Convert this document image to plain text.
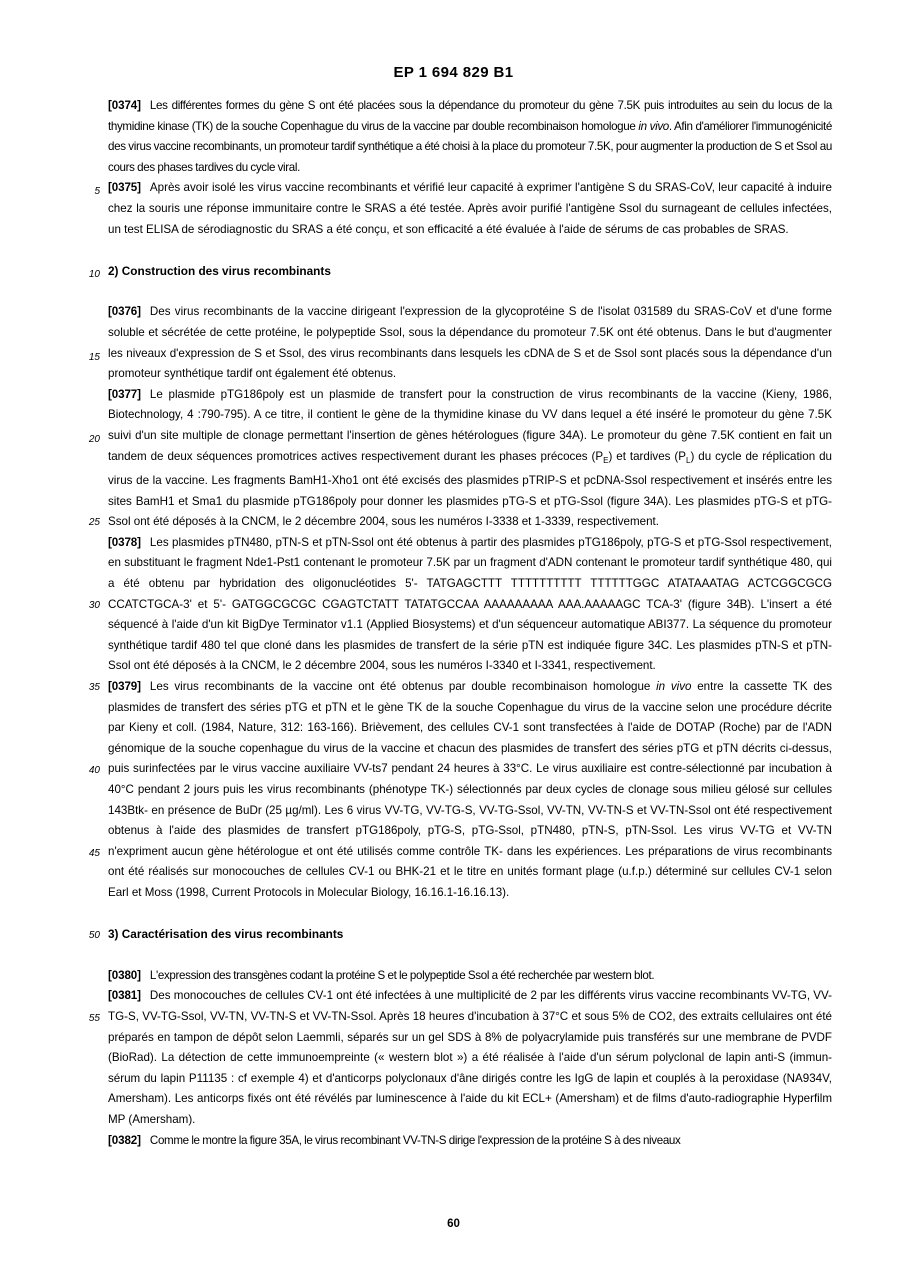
EP 1 694 829 B1
5
10
15
20
25
30
35
40
45
50
55

[0374] Les différentes formes du gène S ont été placées sous la dépendance du promoteur du gène 7.5K puis introduites au sein du locus de la thymidine kinase (TK) de la souche Copenhague du virus de la vaccine par double recombinaison homologue in vivo. Afin d'améliorer l'immunogénicité des virus vaccine recombinants, un promoteur tardif synthétique a été choisi à la place du promoteur 7.5K, pour augmenter la production de S et Ssol au cours des phases tardives du cycle viral.

[0375] Après avoir isolé les virus vaccine recombinants et vérifié leur capacité à exprimer l'antigène S du SRAS-CoV, leur capacité à induire chez la souris une réponse immunitaire contre le SRAS a été testée. Après avoir purifié l'antigène Ssol du surnageant de cellules infectées, un test ELISA de sérodiagnostic du SRAS a été conçu, et son efficacité a été évaluée à l'aide de sérums de cas probables de SRAS.

2) Construction des virus recombinants

[0376] Des virus recombinants de la vaccine dirigeant l'expression de la glycoprotéine S de l'isolat 031589 du SRAS-CoV et d'une forme soluble et sécrétée de cette protéine, le polypeptide Ssol, sous la dépendance du promoteur 7.5K ont été obtenus. Dans le but d'augmenter les niveaux d'expression de S et Ssol, des virus recombinants dans lesquels les cDNA de S et de Ssol sont placés sous la dépendance d'un promoteur synthétique tardif ont également été obtenus.

[0377] Le plasmide pTG186poly est un plasmide de transfert pour la construction de virus recombinants de la vaccine (Kieny, 1986, Biotechnology, 4 :790-795). A ce titre, il contient le gène de la thymidine kinase du VV dans lequel a été inséré le promoteur du gène 7.5K suivi d'un site multiple de clonage permettant l'insertion de gènes hétérologues (figure 34A). Le promoteur du gène 7.5K contient en fait un tandem de deux séquences promotrices actives respectivement durant les phases précoces $(P_E)$ et tardives $(P_L)$ du cycle de réplication du virus de la vaccine. Les fragments BamH1-Xho1 ont été excisés des plasmides pTRIP-S et pcDNA-Ssol respectivement et insérés entre les sites BamH1 et Sma1 du plasmide pTG186poly pour donner les plasmides pTG-S et pTG-Ssol (figure 34A). Les plasmides pTG-S et pTG-Ssol ont été déposés à la CNCM, le 2 décembre 2004, sous les numéros I-3338 et 1-3339, respectivement.

[0378] Les plasmides pTN480, pTN-S et pTN-Ssol ont été obtenus à partir des plasmides pTG186poly, pTG-S et pTG-Ssol respectivement, en substituant le fragment Nde1-Pst1 contenant le promoteur 7.5K par un fragment d'ADN contenant le promoteur tardif synthétique 480, qui a été obtenu par hybridation des oligonucléotides 5'- TATGAGCTTT TTTTTTTTTT TTTTTTGGC ATATAAATAG ACTCGGCGCG CCATCTGCA-3' et 5'- GATGGCGCGC CGAGTCTATT TATATGCCAA AAAAAAAAA AAA.AAAAAGC TCA-3' (figure 34B). L'insert a été séquencé à l'aide d'un kit BigDye Terminator v1.1 (Applied Biosystems) et d'un séquenceur automatique ABI377. La séquence du promoteur synthétique tardif 480 tel que cloné dans les plasmides de transfert de la série pTN est indiquée figure 34C. Les plasmides pTN-S et pTN-Ssol ont été déposés à la CNCM, le 2 décembre 2004, sous les numéros I-3340 et I-3341, respectivement.

[0379] Les virus recombinants de la vaccine ont été obtenus par double recombinaison homologue in vivo entre la cassette TK des plasmides de transfert des séries pTG et pTN et le gène TK de la souche Copenhague du virus de la vaccine selon une procédure décrite par Kieny et coll. (1984, Nature, 312: 163-166). Brièvement, des cellules CV-1 sont transfectées à l'aide de DOTAP (Roche) par de l'ADN génomique de la souche copenhague du virus de la vaccine et chacun des plasmides de transfert des séries pTG et pTN décrits ci-dessus, puis surinfectées par le virus vaccine auxiliaire VV-ts7 pendant 24 heures à 33°C. Le virus auxiliaire est contre-sélectionné par incubation à 40°C pendant 2 jours puis les virus recombinants (phénotype TK-) sélectionnés par deux cycles de clonage sous milieu gélosé sur cellules 143Btk- en présence de BuDr (25 µg/ml). Les 6 virus VV-TG, VV-TG-S, VV-TG-Ssol, VV-TN, VV-TN-S et VV-TN-Ssol ont été respectivement obtenus à l'aide des plasmides de transfert pTG186poly, pTG-S, pTG-Ssol, pTN480, pTN-S, pTN-Ssol. Les virus VV-TG et VV-TN n'expriment aucun gène hétérologue et ont été utilisés comme contrôle TK- dans les expériences. Les préparations de virus recombinants ont été réalisés sur monocouches de cellules CV-1 ou BHK-21 et le titre en unités formant plage (u.f.p.) déterminé sur cellules CV-1 selon Earl et Moss (1998, Current Protocols in Molecular Biology, 16.16.1-16.16.13).

3) Caractérisation des virus recombinants

[0380] L'expression des transgènes codant la protéine S et le polypeptide Ssol a été recherchée par western blot.

[0381] Des monocouches de cellules CV-1 ont été infectées à une multiplicité de 2 par les différents virus vaccine recombinants VV-TG, VV-TG-S, VV-TG-Ssol, VV-TN, VV-TN-S et VV-TN-Ssol. Après 18 heures d'incubation à 37°C et sous 5% de CO2, des extraits cellulaires ont été préparés en tampon de dépôt selon Laemmli, séparés sur un gel SDS à 8% de polyacrylamide puis transférés sur une membrane de PVDF (BioRad). La détection de cette immunoempreinte (« western blot ») a été réalisée à l'aide d'un sérum polyclonal de lapin anti-S (immun-sérum du lapin P11135 : cf exemple 4) et d'anticorps polyclonaux d'âne dirigés contre les IgG de lapin et couplés à la peroxidase (NA934V, Amersham). Les anticorps fixés ont été révélés par luminescence à l'aide du kit ECL+ (Amersham) et de films d'auto-radiographie Hyperfilm MP (Amersham).

[0382] Comme le montre la figure 35A, le virus recombinant VV-TN-S dirige l'expression de la protéine S à des niveaux

60
